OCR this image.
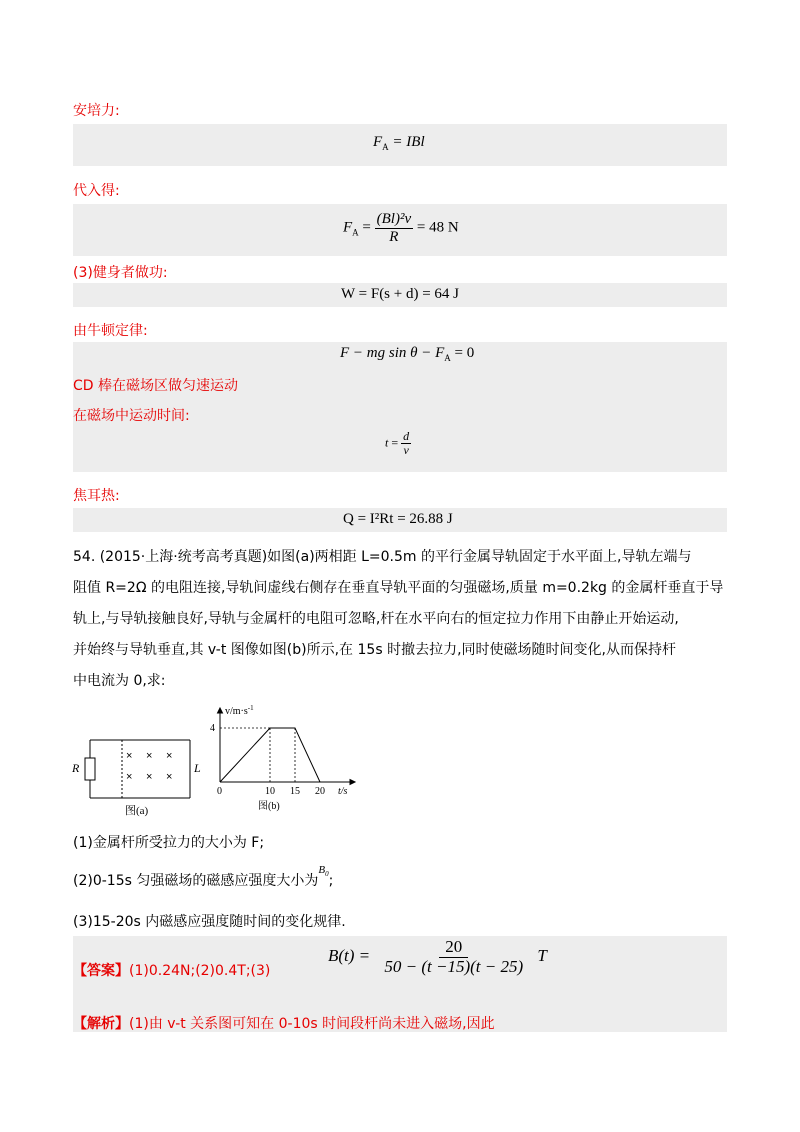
安培力:
$F_A$ = IBl
代入得:
$F_A = \frac{\text{(Bl)²v}}{R} = 48$ N
(3)健身者做功:
W = F(s + d) = 64 J
由牛顿定律:
F − mg $\sin \theta - F_A = 0$
CD 棒在磁场区做匀速运动
在磁场中运动时间:
$t = \frac{d}{v}$
焦耳热:
Q = I²Rt = 26.88 J
54. (2015·上海·统考高考真题)如图(a)两相距 L=0.5m 的平行金属导轨固定于水平面上,导轨左端与
阻值 R=2Ω 的电阻连接,导轨间虚线右侧存在垂直导轨平面的匀强磁场,质量 m=0.2kg 的金属杆垂直于导
轨上,与导轨接触良好,导轨与金属杆的电阻可忽略,杆在水平向右的恒定拉力作用下由静止开始运动,
并始终与导轨垂直,其 v-t 图像如图(b)所示,在 15s 时撤去拉力,同时使磁场随时间变化,从而保持杆
中电流为 0,求:
R	L
× × ×
× × ×
图(a)
$v/m\cdot s^{-1}$
4
0	10 15 20 t/s
图(b)
(1)金属杆所受拉力的大小为 F;
(2)0-15s 匀强磁场的磁感应强度大小为$^{B_0}$;
(3)15-20s 内磁感应强度随时间的变化规律.
【答案】(1)0.24N;(2)0.4T;(3)
$B(t) = \frac{20}{50 - (t -15)(t - 25)}$ T
【解析】(1)由 v-t 关系图可知在 0-10s 时间段杆尚未进入磁场,因此
